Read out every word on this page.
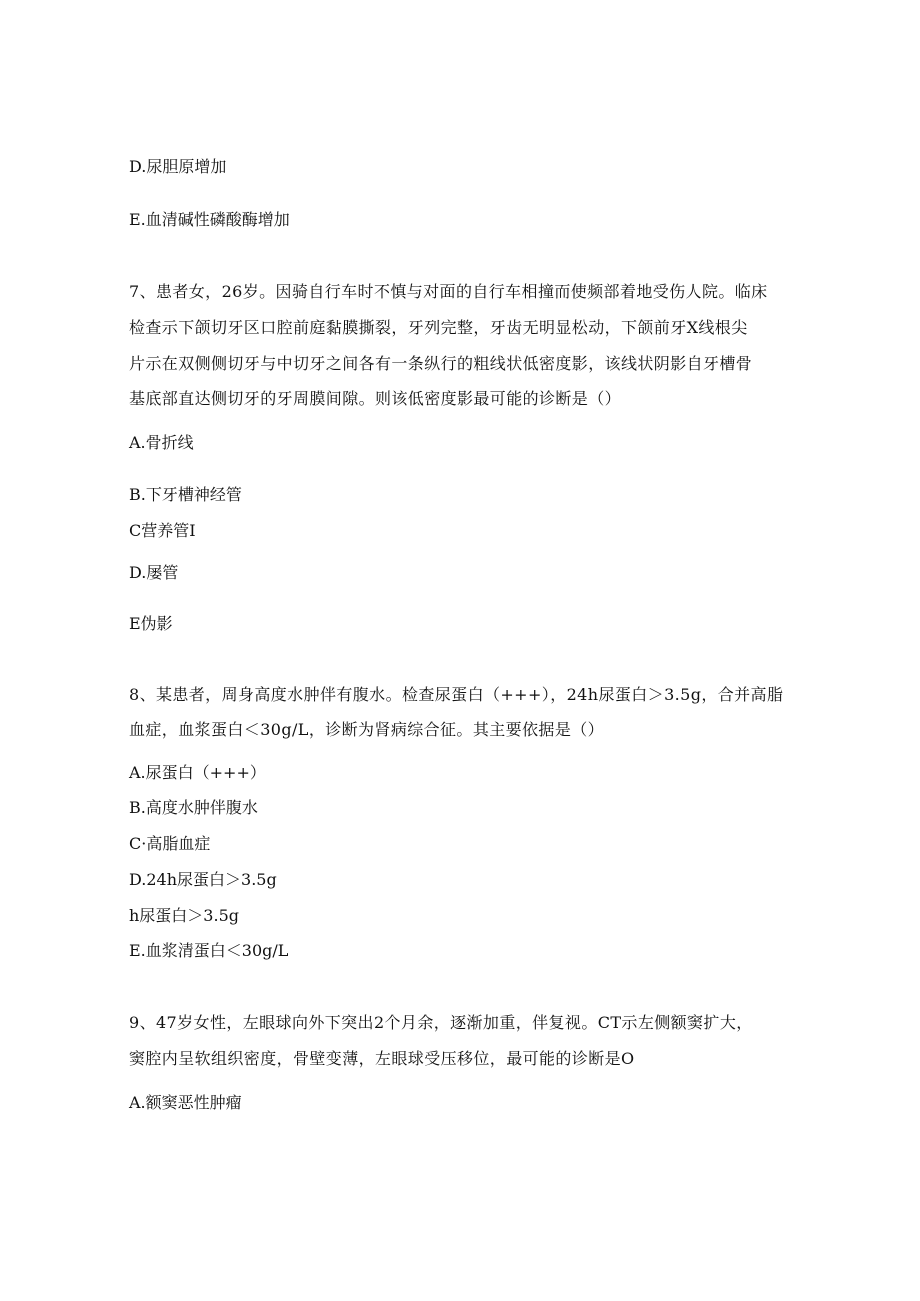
D.尿胆原增加
E.血清碱性磷酸酶增加
7、患者女，26岁。因骑自行车时不慎与对面的自行车相撞而使频部着地受伤人院。临床
检查示下颌切牙区口腔前庭黏膜撕裂，牙列完整，牙齿无明显松动，下颌前牙X线根尖
片示在双侧侧切牙与中切牙之间各有一条纵行的粗线状低密度影，该线状阴影自牙槽骨
基底部直达侧切牙的牙周膜间隙。则该低密度影最可能的诊断是（）
A.骨折线
B.下牙槽神经管
C营养管I
D.屡管
E伪影
8、某患者，周身高度水肿伴有腹水。检查尿蛋白（+++），24h尿蛋白＞3.5g，合并高脂
血症，血浆蛋白＜30g/L，诊断为肾病综合征。其主要依据是（）
A.尿蛋白（+++）
B.高度水肿伴腹水
C·高脂血症
D.24h尿蛋白＞3.5g
h尿蛋白＞3.5g
E.血浆清蛋白＜30g/L
9、47岁女性，左眼球向外下突出2个月余，逐渐加重，伴复视。CT示左侧额窦扩大，
窦腔内呈软组织密度，骨壁变薄，左眼球受压移位，最可能的诊断是O
A.额窦恶性肿瘤
